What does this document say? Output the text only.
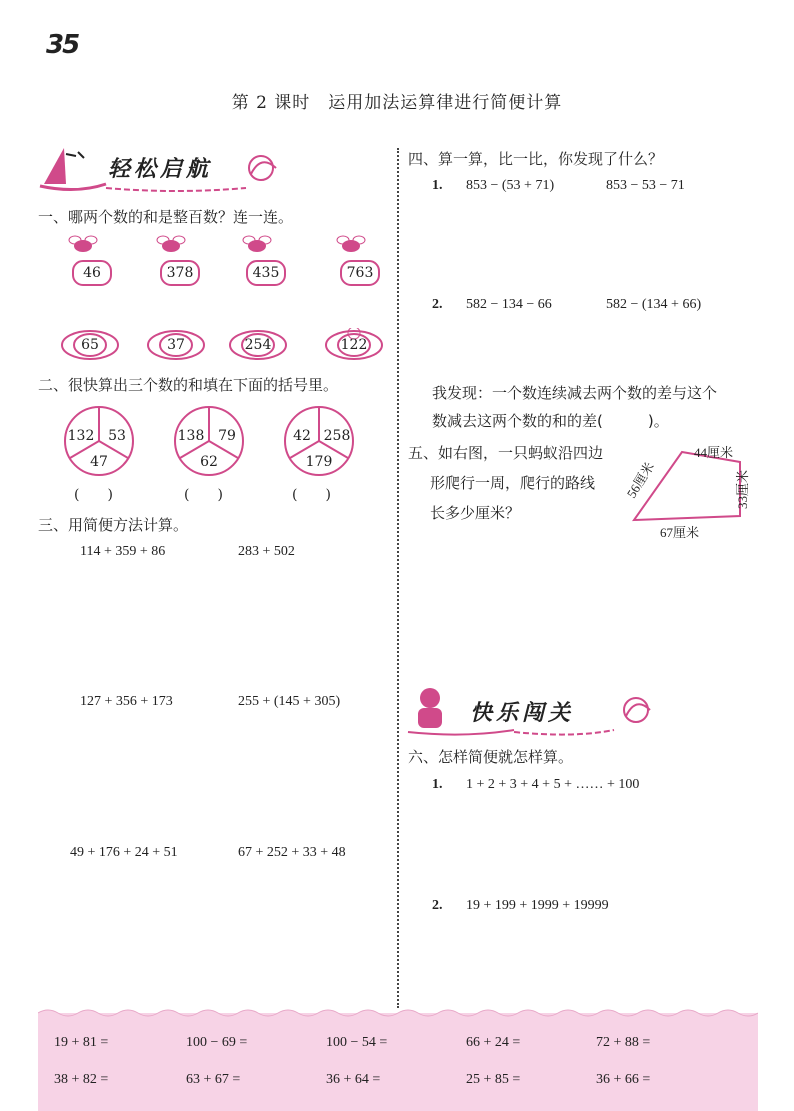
35
第 2 课时　运用加法运算律进行简便计算
轻松启航
一、哪两个数的和是整百数？连一连。
46	378	435	763
65	37	254	122
二、很快算出三个数的和填在下面的括号里。
132 53
47
138 79
62
42 258
179
(　　)	(　　)	(　　)
三、用简便方法计算。
114 + 359 + 86	283 + 502
127 + 356 + 173	255 + (145 + 305)
49 + 176 + 24 + 51	67 + 252 + 33 + 48
四、算一算，比一比，你发现了什么？
1. 853 − (53 + 71)	853 − 53 − 71
2. 582 − 134 − 66	582 − (134 + 66)
我发现：一个数连续减去两个数的差与这个
数减去这两个数的和的差(　　　)。
五、如右图，一只蚂蚁沿四边
形爬行一周，爬行的路线
长多少厘米？
44厘米
56厘米	33厘米
67厘米
快乐闯关
六、怎样简便就怎样算。
1. 1 + 2 + 3 + 4 + 5 + …… + 100
2. 19 + 199 + 1999 + 19999
19 + 81 =	100 − 69 =	100 − 54 =	66 + 24 =	72 + 88 =
38 + 82 =	63 + 67 =	36 + 64 =	25 + 85 =	36 + 66 =
